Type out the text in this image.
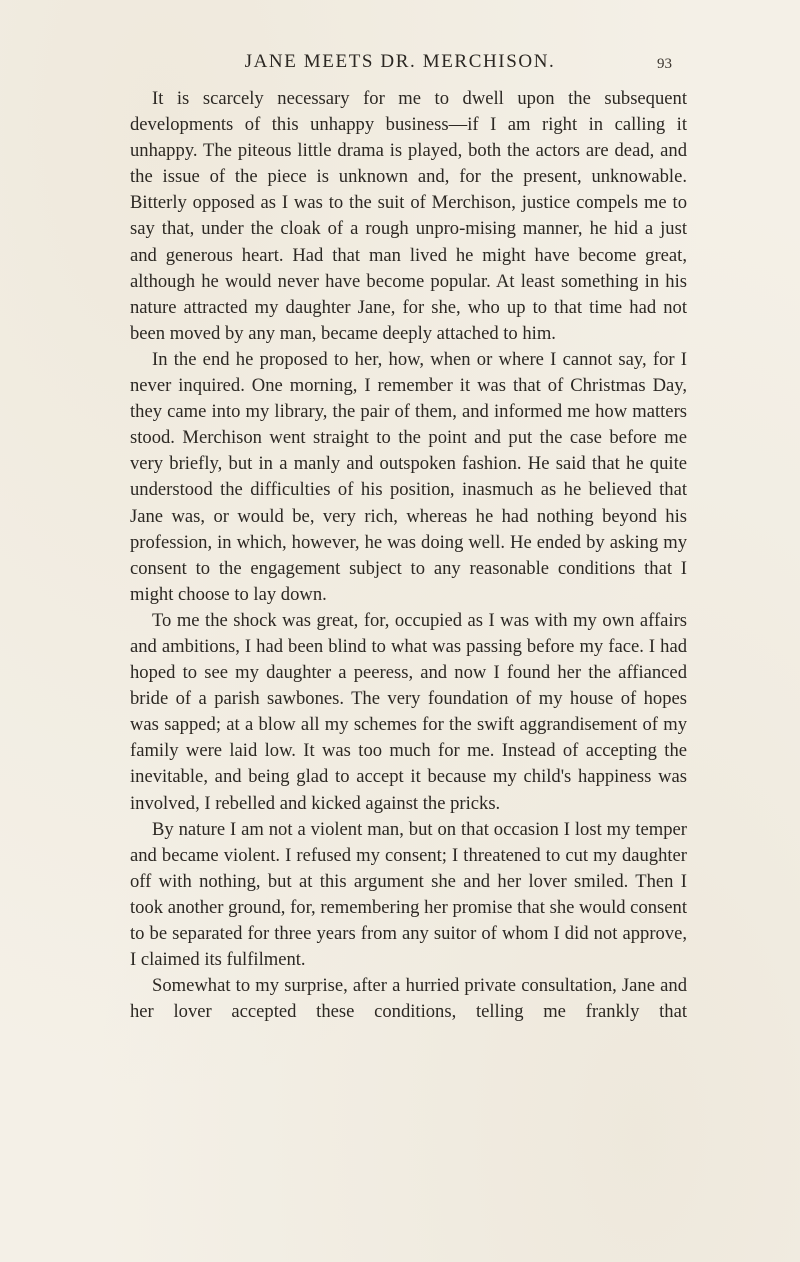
JANE MEETS DR. MERCHISON.	93

It is scarcely necessary for me to dwell upon the subsequent developments of this unhappy business—if I am right in calling it unhappy. The piteous little drama is played, both the actors are dead, and the issue of the piece is unknown and, for the present, unknowable. Bitterly opposed as I was to the suit of Merchison, justice compels me to say that, under the cloak of a rough unpro-mising manner, he hid a just and generous heart. Had that man lived he might have become great, although he would never have become popular. At least something in his nature attracted my daughter Jane, for she, who up to that time had not been moved by any man, became deeply attached to him.

In the end he proposed to her, how, when or where I cannot say, for I never inquired. One morning, I remember it was that of Christmas Day, they came into my library, the pair of them, and informed me how matters stood. Merchison went straight to the point and put the case before me very briefly, but in a manly and outspoken fashion. He said that he quite understood the difficulties of his position, inasmuch as he believed that Jane was, or would be, very rich, whereas he had nothing beyond his profession, in which, however, he was doing well. He ended by asking my consent to the engagement subject to any reasonable conditions that I might choose to lay down.

To me the shock was great, for, occupied as I was with my own affairs and ambitions, I had been blind to what was passing before my face. I had hoped to see my daughter a peeress, and now I found her the affianced bride of a parish sawbones. The very foundation of my house of hopes was sapped; at a blow all my schemes for the swift aggrandisement of my family were laid low. It was too much for me. Instead of accepting the inevitable, and being glad to accept it because my child's happiness was involved, I rebelled and kicked against the pricks.

By nature I am not a violent man, but on that occasion I lost my temper and became violent. I refused my consent; I threatened to cut my daughter off with nothing, but at this argument she and her lover smiled. Then I took another ground, for, remembering her promise that she would consent to be separated for three years from any suitor of whom I did not approve, I claimed its fulfilment.

Somewhat to my surprise, after a hurried private consultation, Jane and her lover accepted these conditions, telling me frankly that
